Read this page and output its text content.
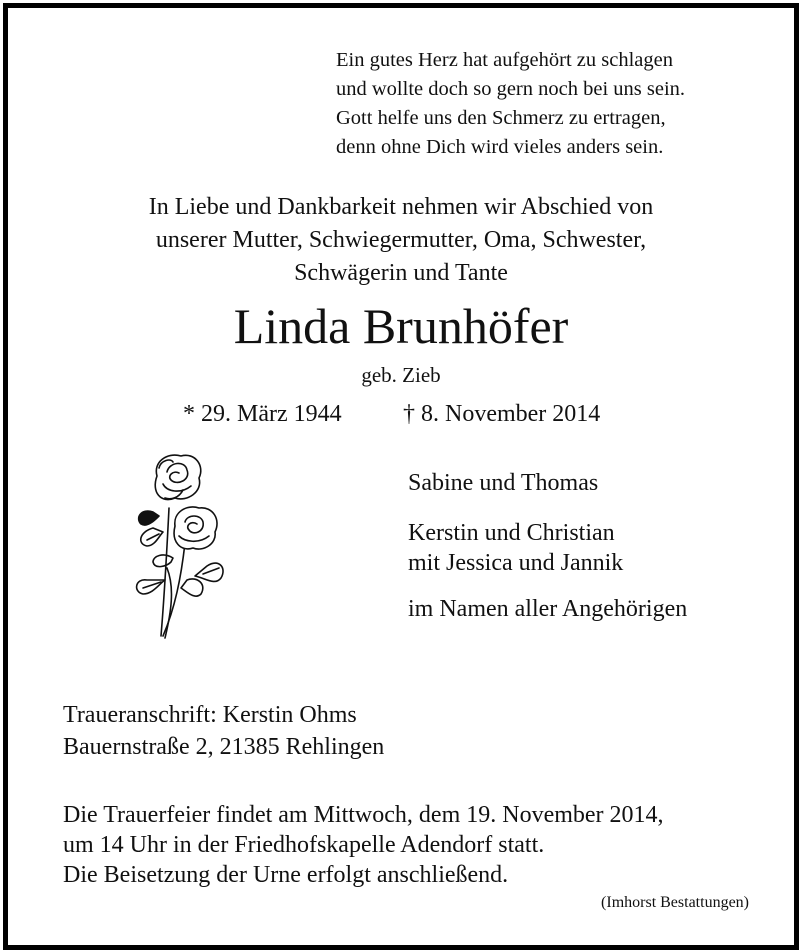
Ein gutes Herz hat aufgehört zu schlagen
und wollte doch so gern noch bei uns sein.
Gott helfe uns den Schmerz zu ertragen,
denn ohne Dich wird vieles anders sein.
In Liebe und Dankbarkeit nehmen wir Abschied von
unserer Mutter, Schwiegermutter, Oma, Schwester,
Schwägerin und Tante
Linda Brunhöfer
geb. Zieb
* 29. März 1944	† 8. November 2014
Sabine und Thomas
Kerstin und Christian
mit Jessica und Jannik
im Namen aller Angehörigen
Traueranschrift: Kerstin Ohms
Bauernstraße 2, 21385 Rehlingen
Die Trauerfeier findet am Mittwoch, dem 19. November 2014,
um 14 Uhr in der Friedhofskapelle Adendorf statt.
Die Beisetzung der Urne erfolgt anschließend.
(Imhorst Bestattungen)
